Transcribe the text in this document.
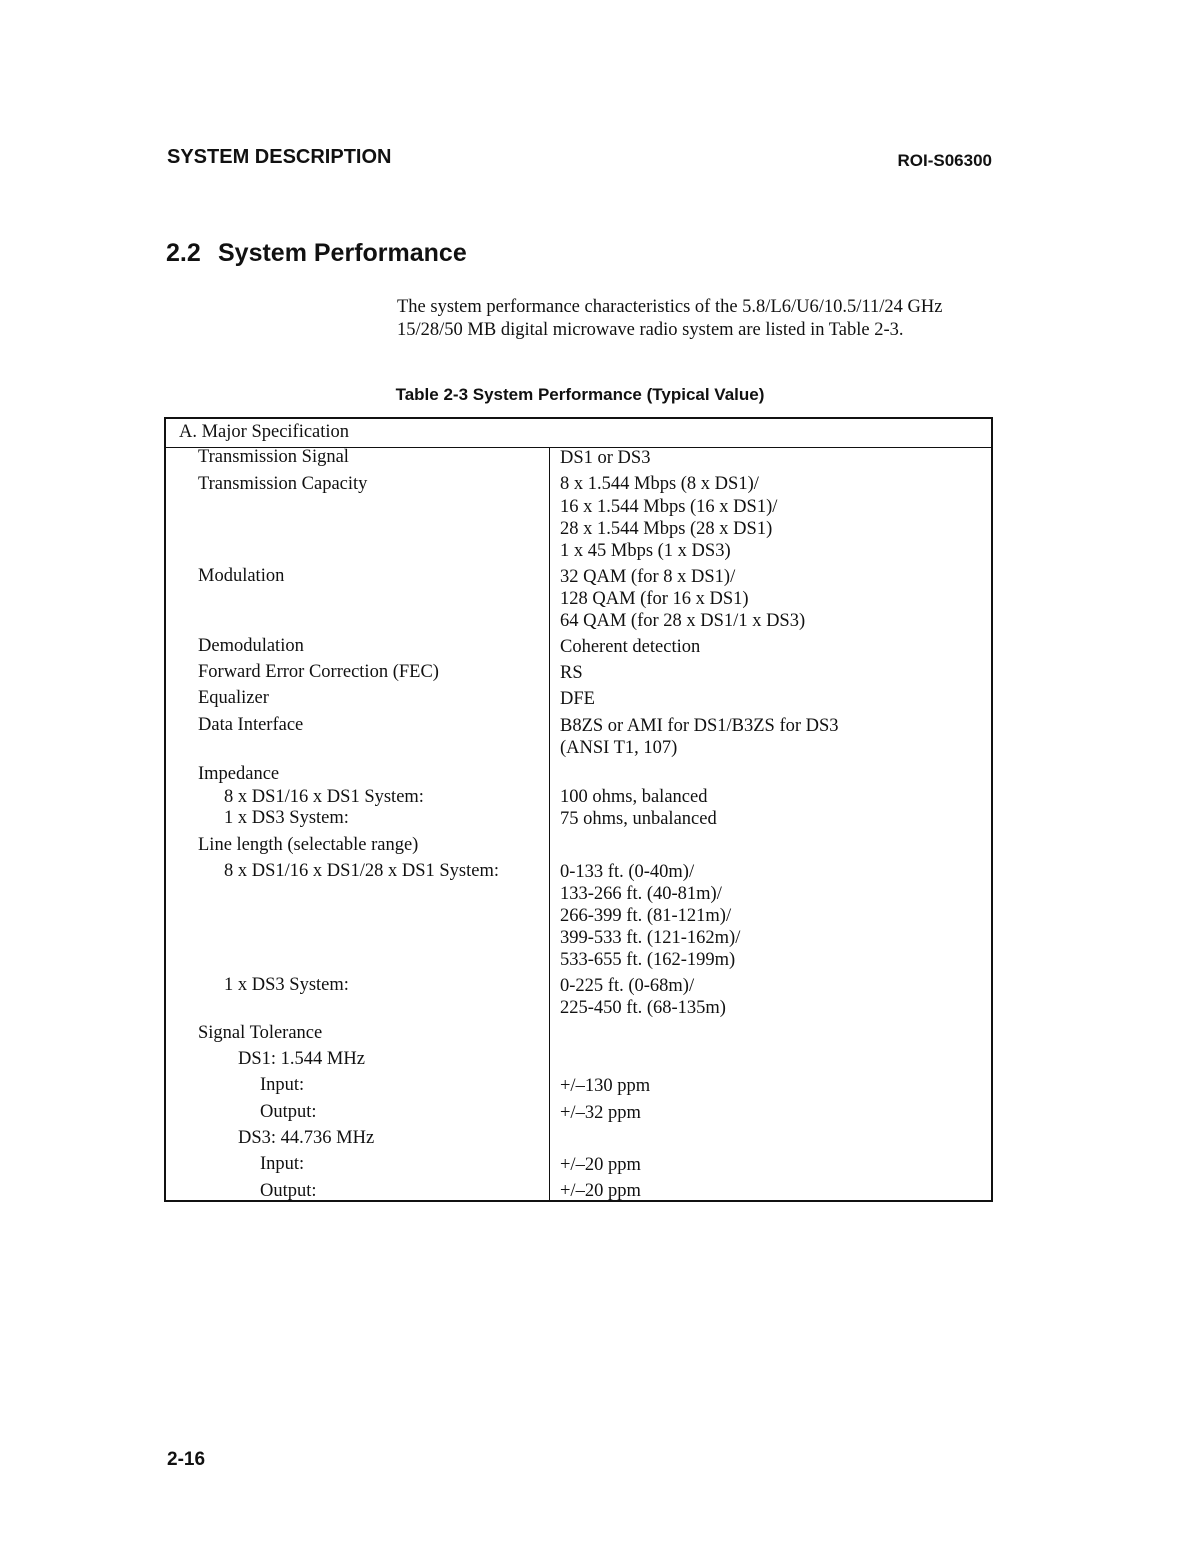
SYSTEM DESCRIPTION	ROI-S06300
2.2 System Performance
The system performance characteristics of the 5.8/L6/U6/10.5/11/24 GHz
15/28/50 MB digital microwave radio system are listed in Table 2-3.
Table 2-3 System Performance (Typical Value)
A. Major Specification
Transmission Signal
Transmission Capacity
Modulation
Demodulation
Forward Error Correction (FEC)
Equalizer
Data Interface
Impedance
8 x DS1/16 x DS1 System:
1 x DS3 System:
Line length (selectable range)
8 x DS1/16 x DS1/28 x DS1 System:
1 x DS3 System:
Signal Tolerance
DS1: 1.544 MHz
Input:
Output:
DS3: 44.736 MHz
Input:
Output:
DS1 or DS3
8 x 1.544 Mbps (8 x DS1)/
16 x 1.544 Mbps (16 x DS1)/
28 x 1.544 Mbps (28 x DS1)
1 x 45 Mbps (1 x DS3)
32 QAM (for 8 x DS1)/
128 QAM (for 16 x DS1)
64 QAM (for 28 x DS1/1 x DS3)
Coherent detection
RS
DFE
B8ZS or AMI for DS1/B3ZS for DS3
(ANSI T1, 107)
100 ohms, balanced
75 ohms, unbalanced
0-133 ft. (0-40m)/
133-266 ft. (40-81m)/
266-399 ft. (81-121m)/
399-533 ft. (121-162m)/
533-655 ft. (162-199m)
0-225 ft. (0-68m)/
225-450 ft. (68-135m)
+/–130 ppm
+/–32 ppm
+/–20 ppm
+/–20 ppm
2-16
